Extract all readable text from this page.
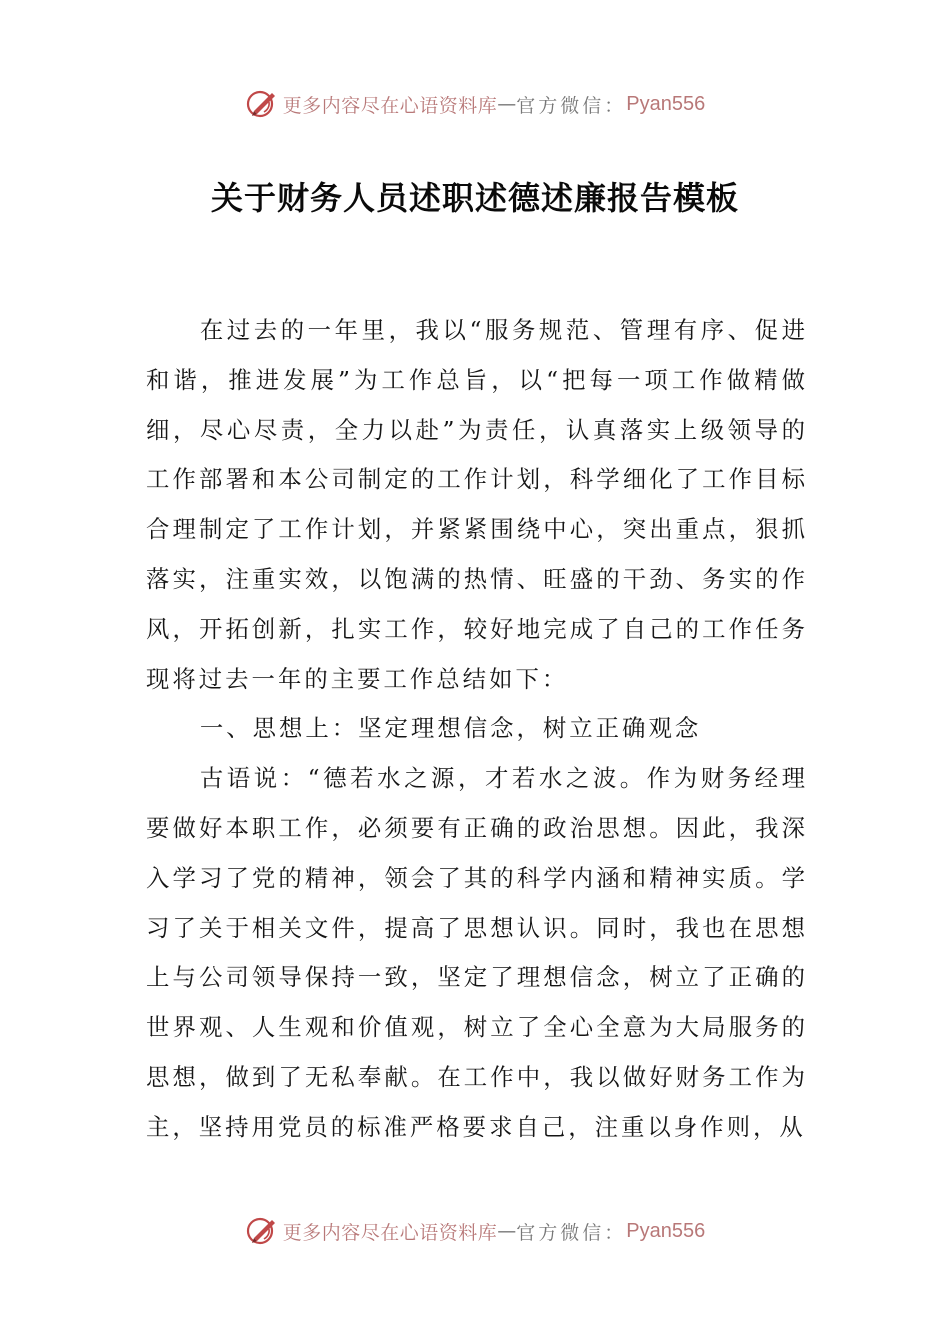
更多内容尽在心语资料库 — 官方微信： Pyan556
关于财务人员述职述德述廉报告模板

在过去的一年里，我以“服务规范、管理有序、促进和谐，推进发展”为工作总旨，以“把每一项工作做精做细，尽心尽责，全力以赴”为责任，认真落实上级领导的工作部署和本公司制定的工作计划，科学细化了工作目标合理制定了工作计划，并紧紧围绕中心，突出重点，狠抓落实，注重实效，以饱满的热情、旺盛的干劲、务实的作风，开拓创新，扎实工作，较好地完成了自己的工作任务现将过去一年的主要工作总结如下：

一、思想上：坚定理想信念，树立正确观念

古语说：“德若水之源，才若水之波。作为财务经理要做好本职工作，必须要有正确的政治思想。因此，我深入学习了党的精神，领会了其的科学内涵和精神实质。学习了关于相关文件，提高了思想认识。同时，我也在思想上与公司领导保持一致，坚定了理想信念，树立了正确的世界观、人生观和价值观，树立了全心全意为大局服务的思想，做到了无私奉献。在工作中，我以做好财务工作为主，坚持用党员的标准严格要求自己，注重以身作则，从

更多内容尽在心语资料库 — 官方微信： Pyan556
